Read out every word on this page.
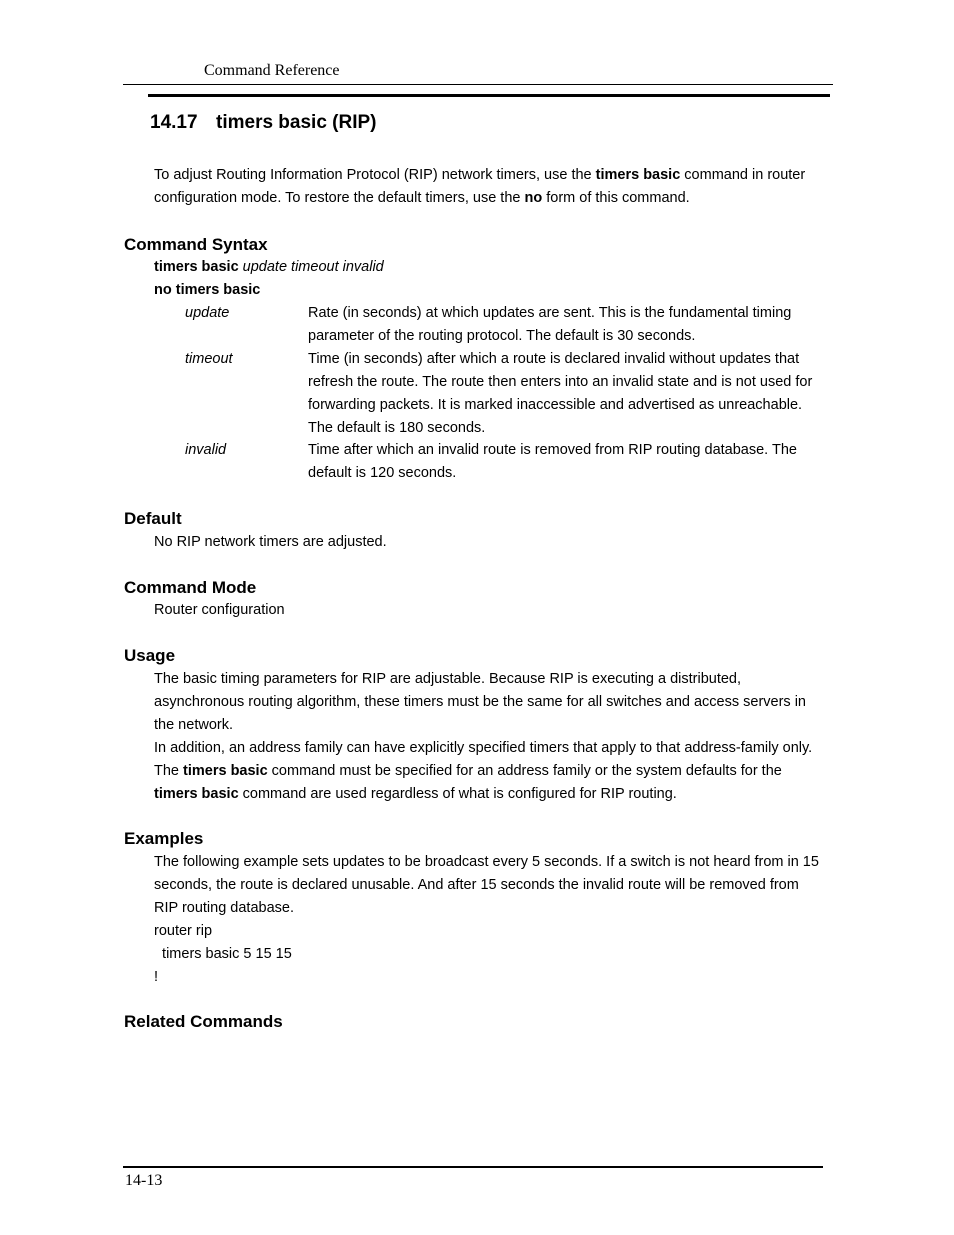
Command Reference
14.17 timers basic (RIP)
To adjust Routing Information Protocol (RIP) network timers, use the timers basic command in router
configuration mode. To restore the default timers, use the no form of this command.
Command Syntax
timers basic update timeout invalid
no timers basic
update	Rate (in seconds) at which updates are sent. This is the fundamental timing
parameter of the routing protocol. The default is 30 seconds.
timeout	Time (in seconds) after which a route is declared invalid without updates that
refresh the route. The route then enters into an invalid state and is not used for
forwarding packets. It is marked inaccessible and advertised as unreachable.
The default is 180 seconds.
invalid	Time after which an invalid route is removed from RIP routing database. The
default is 120 seconds.
Default
No RIP network timers are adjusted.
Command Mode
Router configuration
Usage
The basic timing parameters for RIP are adjustable. Because RIP is executing a distributed,
asynchronous routing algorithm, these timers must be the same for all switches and access servers in
the network.
In addition, an address family can have explicitly specified timers that apply to that address-family only.
The timers basic command must be specified for an address family or the system defaults for the
timers basic command are used regardless of what is configured for RIP routing.
Examples
The following example sets updates to be broadcast every 5 seconds. If a switch is not heard from in 15
seconds, the route is declared unusable. And after 15 seconds the invalid route will be removed from
RIP routing database.
router rip
timers basic 5 15 15
!
Related Commands
14-13
